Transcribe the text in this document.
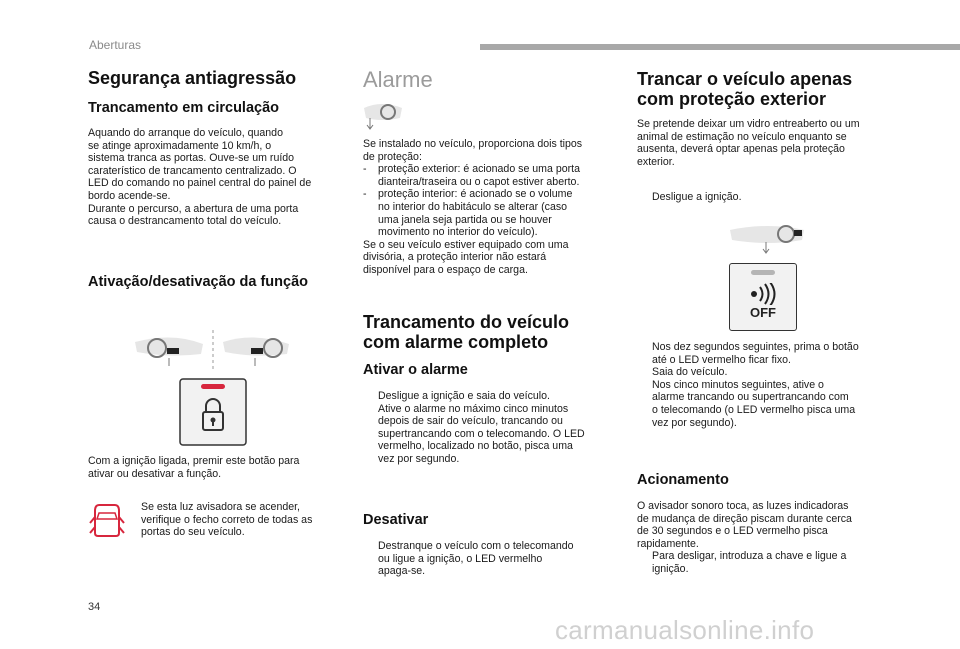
Aberturas
Segurança antiagressão
Trancamento em circulação

Aquando do arranque do veículo, quando

se atinge aproximadamente 10 km/h, o

sistema tranca as portas. Ouve-se um ruído

caraterístico de trancamento centralizado. O

LED do comando no painel central do painel de

bordo acende-se.

Durante o percurso, a abertura de uma porta

causa o destrancamento total do veículo.

Ativação/desativação da função

Com a ignição ligada, premir este botão para

ativar ou desativar a função.

Se esta luz avisadora se acender,

verifique o fecho correto de todas as

portas do seu veículo.

Alarme

Se instalado no veículo, proporciona dois tipos

de proteção:

- proteção exterior: é acionado se uma porta
dianteira/traseira ou o capot estiver aberto.
- proteção interior: é acionado se o volume
no interior do habitáculo se alterar (caso
uma janela seja partida ou se houver
movimento no interior do veículo).

Se o seu veículo estiver equipado com uma

divisória, a proteção interior não estará

disponível para o espaço de carga.

Trancamento do veículo
com alarme completo
Ativar o alarme
Desligue a ignição e saia do veículo.
Ative o alarme no máximo cinco minutos
depois de sair do veículo, trancando ou
supertrancando com o telecomando. O LED
vermelho, localizado no botão, pisca uma
vez por segundo.
Desativar
Destranque o veículo com o telecomando
ou ligue a ignição, o LED vermelho
apaga-se.
Trancar o veículo apenas
com proteção exterior

Se pretende deixar um vidro entreaberto ou um

animal de estimação no veículo enquanto se

ausenta, deverá optar apenas pela proteção

exterior.

Desligue a ignição.
Nos dez segundos seguintes, prima o botão
até o LED vermelho ficar fixo.
Saia do veículo.
Nos cinco minutos seguintes, ative o
alarme trancando ou supertrancando com
o telecomando (o LED vermelho pisca uma
vez por segundo).
Acionamento

O avisador sonoro toca, as luzes indicadoras

de mudança de direção piscam durante cerca

de 30 segundos e o LED vermelho pisca

rapidamente.

Para desligar, introduza a chave e ligue a
ignição.
OFF
34
carmanualsonline.info
